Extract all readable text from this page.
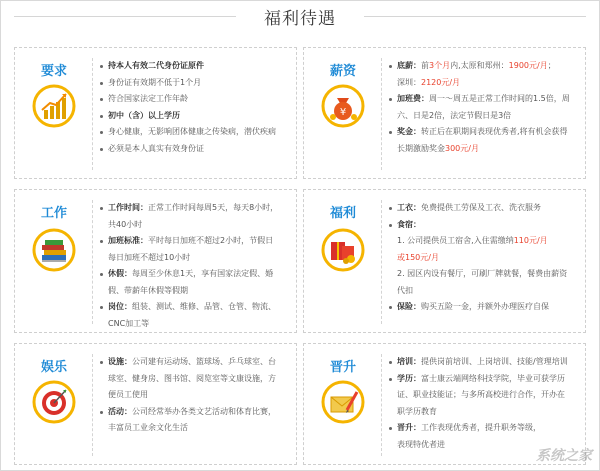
福利待遇
要求	持本人有效二代身份证原件
身份证有效期不低于1个月
符合国家法定工作年龄
初中（含）以上学历
身心健康，无影响团体健康之传染病，潜伏疾病
必须是本人真实有效身份证
薪资
¥
底薪：前3个月内,太原和郑州：1900元/月；
深圳：2120元/月
加班费：周一～周五是正常工作时间的1.5倍，周
六、日是2倍，法定节假日是3倍
奖金：转正后在职期间表现优秀者,将有机会获得
长期激励奖金300元/月
工作	工作时间：正常工作时间每周5天，每天8小时，
共40小时
加班标准：平时每日加班不超过2小时，节假日
每日加班不超过10小时
休假：每周至少休息1天，享有国家法定假、婚
假、带薪年休假等假期
岗位：组装、测试、维修、品管、仓管、物流、
CNC加工等
福利	工衣：免费提供工劳保及工衣、洗衣服务
食宿：
1. 公司提供员工宿舍,入住需缴纳110元/月
或150元/月
2. 园区内设有餐厅，可刷厂牌就餐，餐费由薪资
代扣
保险：购买五险一金，并额外办理医疗自保
娱乐	设施：公司建有运动场、篮球场、乒乓球室、台
球室、健身房、图书馆、阅览室等文康设施，方
便员工使用
活动：公司经常举办各类文艺活动和体育比赛，
丰富员工业余文化生活
晋升	培训：提供岗前培训、上岗培训、技能/管理培训
学历：富士康云端网络科技学院，毕业可获学历
证、职业技能证；与多所高校进行合作，开办在
职学历教育
晋升：工作表现优秀者，提升职务等级，
表现特优者进
系统之家
